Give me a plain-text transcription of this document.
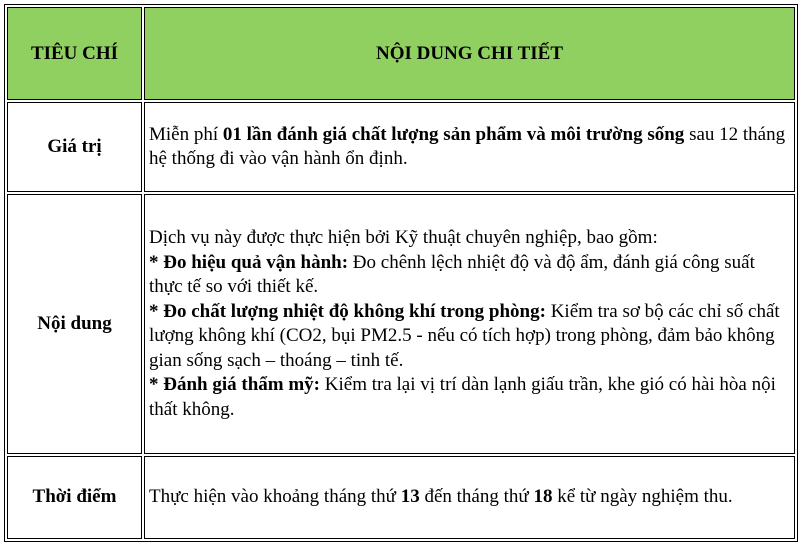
TIÊU CHÍ	NỘI DUNG CHI TIẾT
Giá trị	Miễn phí 01 lần đánh giá chất lượng sản phẩm và môi trường sống sau 12 tháng hệ thống đi vào vận hành ổn định.
Nội dung	Dịch vụ này được thực hiện bởi Kỹ thuật chuyên nghiệp, bao gồm:

* Đo hiệu quả vận hành: Đo chênh lệch nhiệt độ và độ ẩm, đánh giá công suất thực tế so với thiết kế.

* Đo chất lượng nhiệt độ không khí trong phòng: Kiểm tra sơ bộ các chỉ số chất lượng không khí (CO2, bụi PM2.5 - nếu có tích hợp) trong phòng, đảm bảo không gian sống sạch – thoáng – tinh tế.

* Đánh giá thẩm mỹ: Kiểm tra lại vị trí dàn lạnh giấu trần, khe gió có hài hòa nội thất không.

Thời điểm	Thực hiện vào khoảng tháng thứ 13 đến tháng thứ 18 kể từ ngày nghiệm thu.
